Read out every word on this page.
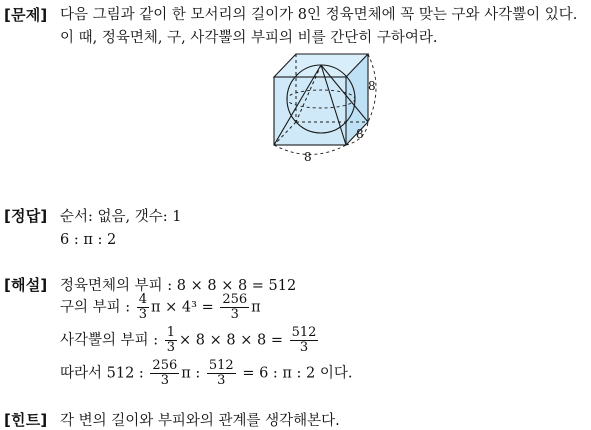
[문제] 다음 그림과 같이 한 모서리의 길이가 8인 정육면체에 꼭 맞는 구와 사각뿔이 있다.
이 때, 정육면체, 구, 사각뿔의 부피의 비를 간단히 구하여라.
8
8
8
[정답] 순서: 없음, 갯수: 1
6 : π : 2
[해설] 정육면체의 부피 : 8 × 8 × 8 = 512
구의 부피 : $\frac{4}{3}$ $\pi \times 4^3 = \frac{256}{3}$ π
사각뿔의 부피 : $\frac{1}{3} \times 8 \times 8 \times 8 = \frac{512}{3}$
따라서 512 : $\frac{256}{3}$ π : $\frac{512}{3} = 6$ : π : 2 이다.
[힌트] 각 변의 길이와 부피와의 관계를 생각해본다.
